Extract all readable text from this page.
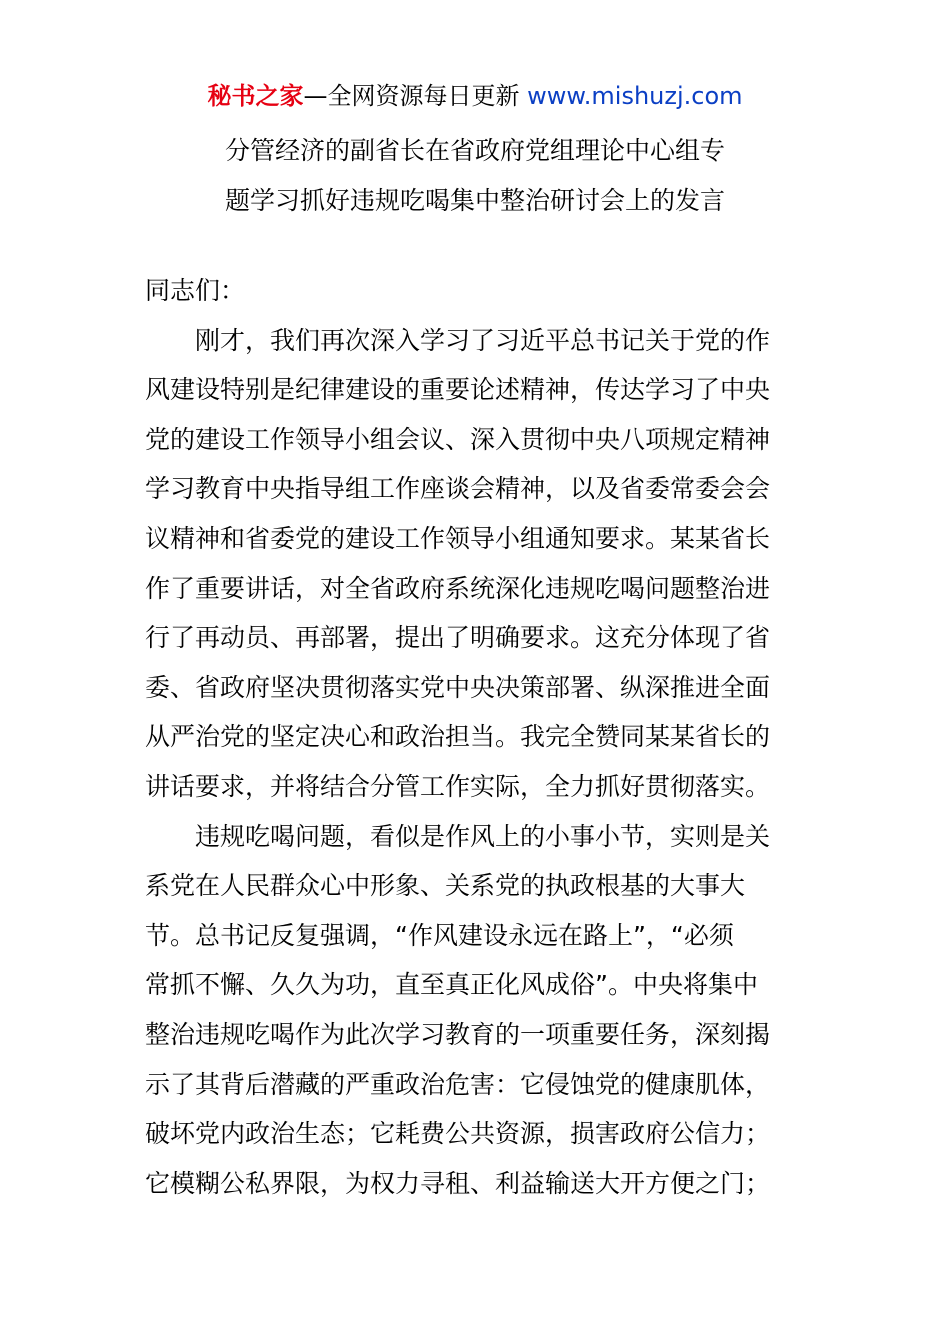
秘书之家—全网资源每日更新 www.mishuzj.com
分管经济的副省长在省政府党组理论中心组专
题学习抓好违规吃喝集中整治研讨会上的发言
同志们：
刚才，我们再次深入学习了习近平总书记关于党的作
风建设特别是纪律建设的重要论述精神，传达学习了中央
党的建设工作领导小组会议、深入贯彻中央八项规定精神
学习教育中央指导组工作座谈会精神，以及省委常委会会
议精神和省委党的建设工作领导小组通知要求。某某省长
作了重要讲话，对全省政府系统深化违规吃喝问题整治进
行了再动员、再部署，提出了明确要求。这充分体现了省
委、省政府坚决贯彻落实党中央决策部署、纵深推进全面
从严治党的坚定决心和政治担当。我完全赞同某某省长的
讲话要求，并将结合分管工作实际，全力抓好贯彻落实。
违规吃喝问题，看似是作风上的小事小节，实则是关
系党在人民群众心中形象、关系党的执政根基的大事大
节。总书记反复强调，“作风建设永远在路上”，“必须
常抓不懈、久久为功，直至真正化风成俗”。中央将集中
整治违规吃喝作为此次学习教育的一项重要任务，深刻揭
示了其背后潜藏的严重政治危害：它侵蚀党的健康肌体，
破坏党内政治生态；它耗费公共资源，损害政府公信力；
它模糊公私界限，为权力寻租、利益输送大开方便之门；
